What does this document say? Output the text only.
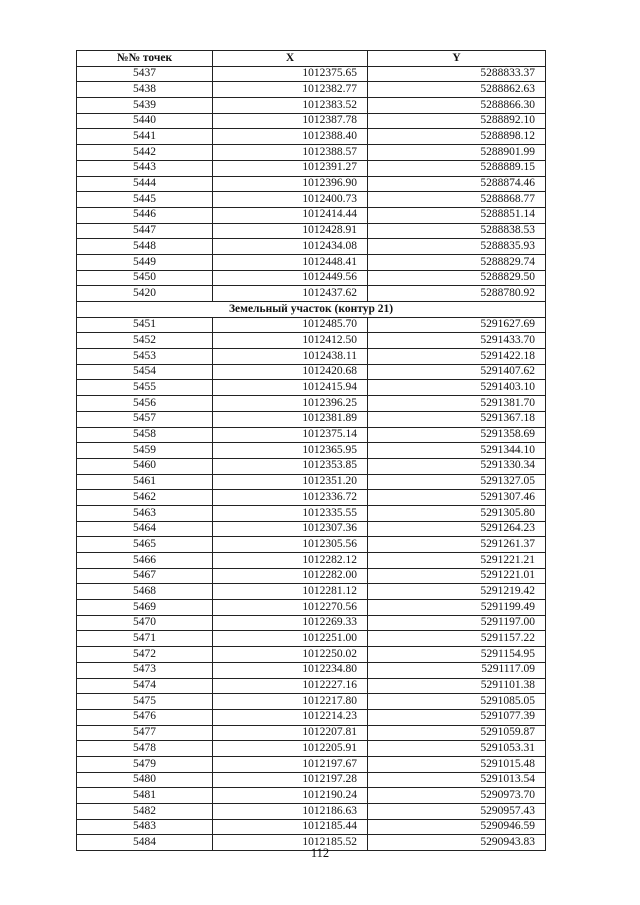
№№ точек	X	Y
5437	1012375.65	5288833.37
5438	1012382.77	5288862.63
5439	1012383.52	5288866.30
5440	1012387.78	5288892.10
5441	1012388.40	5288898.12
5442	1012388.57	5288901.99
5443	1012391.27	5288889.15
5444	1012396.90	5288874.46
5445	1012400.73	5288868.77
5446	1012414.44	5288851.14
5447	1012428.91	5288838.53
5448	1012434.08	5288835.93
5449	1012448.41	5288829.74
5450	1012449.56	5288829.50
5420	1012437.62	5288780.92
Земельный участок (контур 21)		
5451	1012485.70	5291627.69
5452	1012412.50	5291433.70
5453	1012438.11	5291422.18
5454	1012420.68	5291407.62
5455	1012415.94	5291403.10
5456	1012396.25	5291381.70
5457	1012381.89	5291367.18
5458	1012375.14	5291358.69
5459	1012365.95	5291344.10
5460	1012353.85	5291330.34
5461	1012351.20	5291327.05
5462	1012336.72	5291307.46
5463	1012335.55	5291305.80
5464	1012307.36	5291264.23
5465	1012305.56	5291261.37
5466	1012282.12	5291221.21
5467	1012282.00	5291221.01
5468	1012281.12	5291219.42
5469	1012270.56	5291199.49
5470	1012269.33	5291197.00
5471	1012251.00	5291157.22
5472	1012250.02	5291154.95
5473	1012234.80	5291117.09
5474	1012227.16	5291101.38
5475	1012217.80	5291085.05
5476	1012214.23	5291077.39
5477	1012207.81	5291059.87
5478	1012205.91	5291053.31
5479	1012197.67	5291015.48
5480	1012197.28	5291013.54
5481	1012190.24	5290973.70
5482	1012186.63	5290957.43
5483	1012185.44	5290946.59
5484	1012185.52	5290943.83
112
